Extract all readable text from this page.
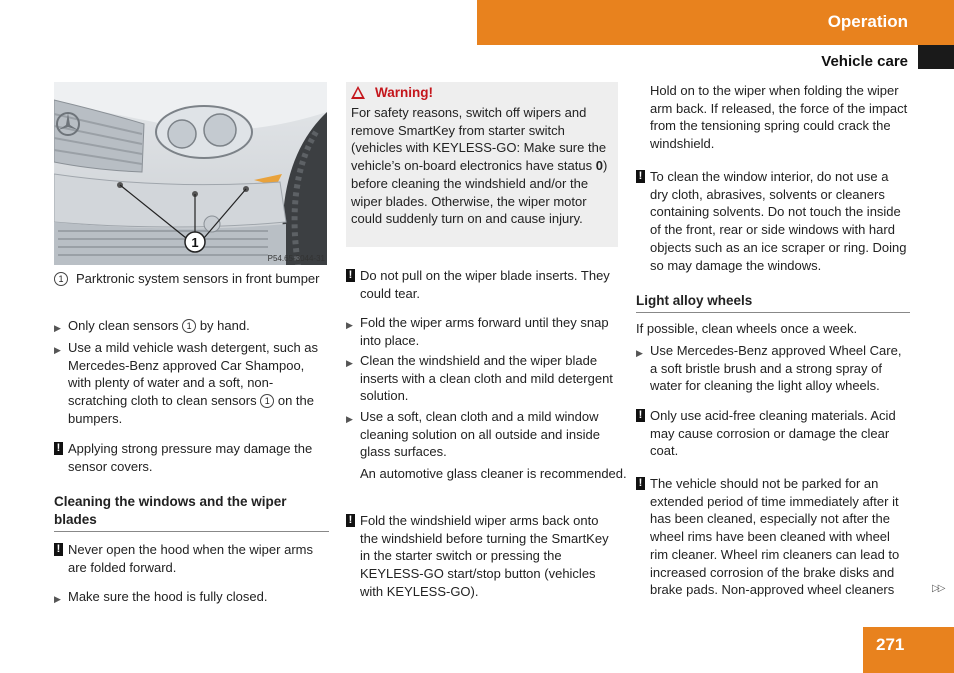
Operation
Vehicle care
1
P54.65-3044-31
1 Parktronic system sensors in front bumper
▶ Only clean sensors 1 by hand.
▶ Use a mild vehicle wash detergent, such as Mercedes-Benz approved Car Shampoo, with plenty of water and a soft, non-scratching cloth to clean sensors 1 on the bumpers.
! Applying strong pressure may damage the sensor covers.
Cleaning the windows and the wiper blades
! Never open the hood when the wiper arms are folded forward.
▶ Make sure the hood is fully closed.
Warning!
For safety reasons, switch off wipers and remove SmartKey from starter switch (vehicles with KEYLESS-GO: Make sure the vehicle’s on-board electronics have status 0) before cleaning the windshield and/or the wiper blades. Otherwise, the wiper motor could suddenly turn on and cause injury.
! Do not pull on the wiper blade inserts. They could tear.
▶ Fold the wiper arms forward until they snap into place.
▶ Clean the windshield and the wiper blade inserts with a clean cloth and mild detergent solution.
▶ Use a soft, clean cloth and a mild window cleaning solution on all outside and inside glass surfaces.
An automotive glass cleaner is recommended.
! Fold the windshield wiper arms back onto the windshield before turning the SmartKey in the starter switch or pressing the KEYLESS-GO start/stop button (vehicles with KEYLESS-GO).
Hold on to the wiper when folding the wiper arm back. If released, the force of the impact from the tensioning spring could crack the windshield.
! To clean the window interior, do not use a dry cloth, abrasives, solvents or cleaners containing solvents. Do not touch the inside of the front, rear or side windows with hard objects such as an ice scraper or ring. Doing so may damage the windows.
Light alloy wheels
If possible, clean wheels once a week.
▶ Use Mercedes-Benz approved Wheel Care, a soft bristle brush and a strong spray of water for cleaning the light alloy wheels.
! Only use acid-free cleaning materials. Acid may cause corrosion or damage the clear coat.
! The vehicle should not be parked for an extended period of time immediately after it has been cleaned, especially not after the wheel rims have been cleaned with wheel rim cleaner. Wheel rim cleaners can lead to increased corrosion of the brake disks and brake pads. Non-approved wheel cleaners	▷▷
271
